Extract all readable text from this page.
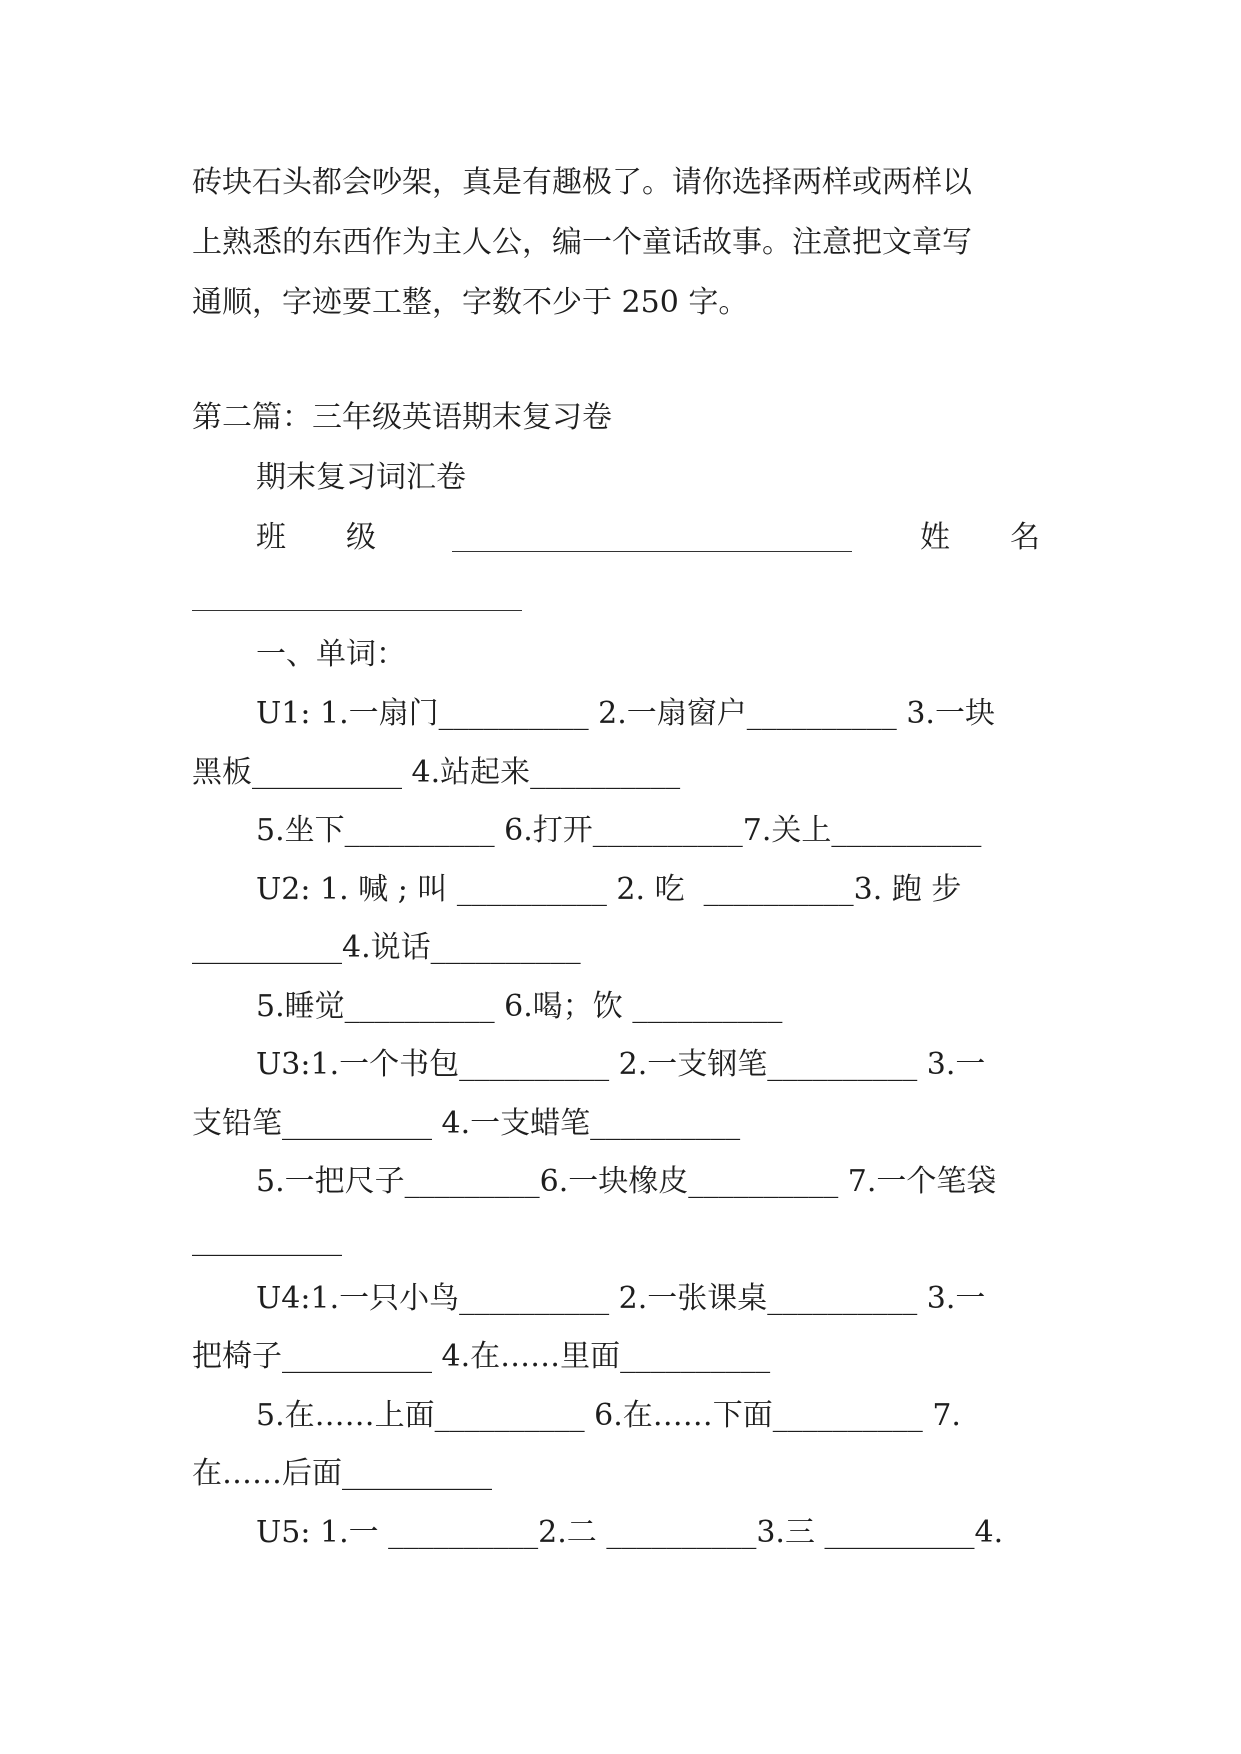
砖块石头都会吵架，真是有趣极了。请你选择两样或两样以

上熟悉的东西作为主人公，编一个童话故事。注意把文章写

通顺，字迹要工整，字数不少于 250 字。

第二篇：三年级英语期末复习卷

期末复习词汇卷

班　　级	姓　　名

一、单词：

U1: 1.一扇门__________ 2.一扇窗户__________ 3.一块

黑板__________ 4.站起来__________

5.坐下__________ 6.打开__________7.关上__________

U2: 1. 喊 ; 叫 __________ 2. 吃  __________3. 跑 步

__________4.说话__________

5.睡觉__________ 6.喝；饮 __________

U3:1.一个书包__________ 2.一支钢笔__________ 3.一

支铅笔__________ 4.一支蜡笔__________

5.一把尺子_________6.一块橡皮__________ 7.一个笔袋

__________

U4:1.一只小鸟__________ 2.一张课桌__________ 3.一

把椅子__________ 4.在……里面__________

5.在……上面__________ 6.在……下面__________ 7.

在……后面__________

U5: 1.一 __________2.二 __________3.三 __________4.
